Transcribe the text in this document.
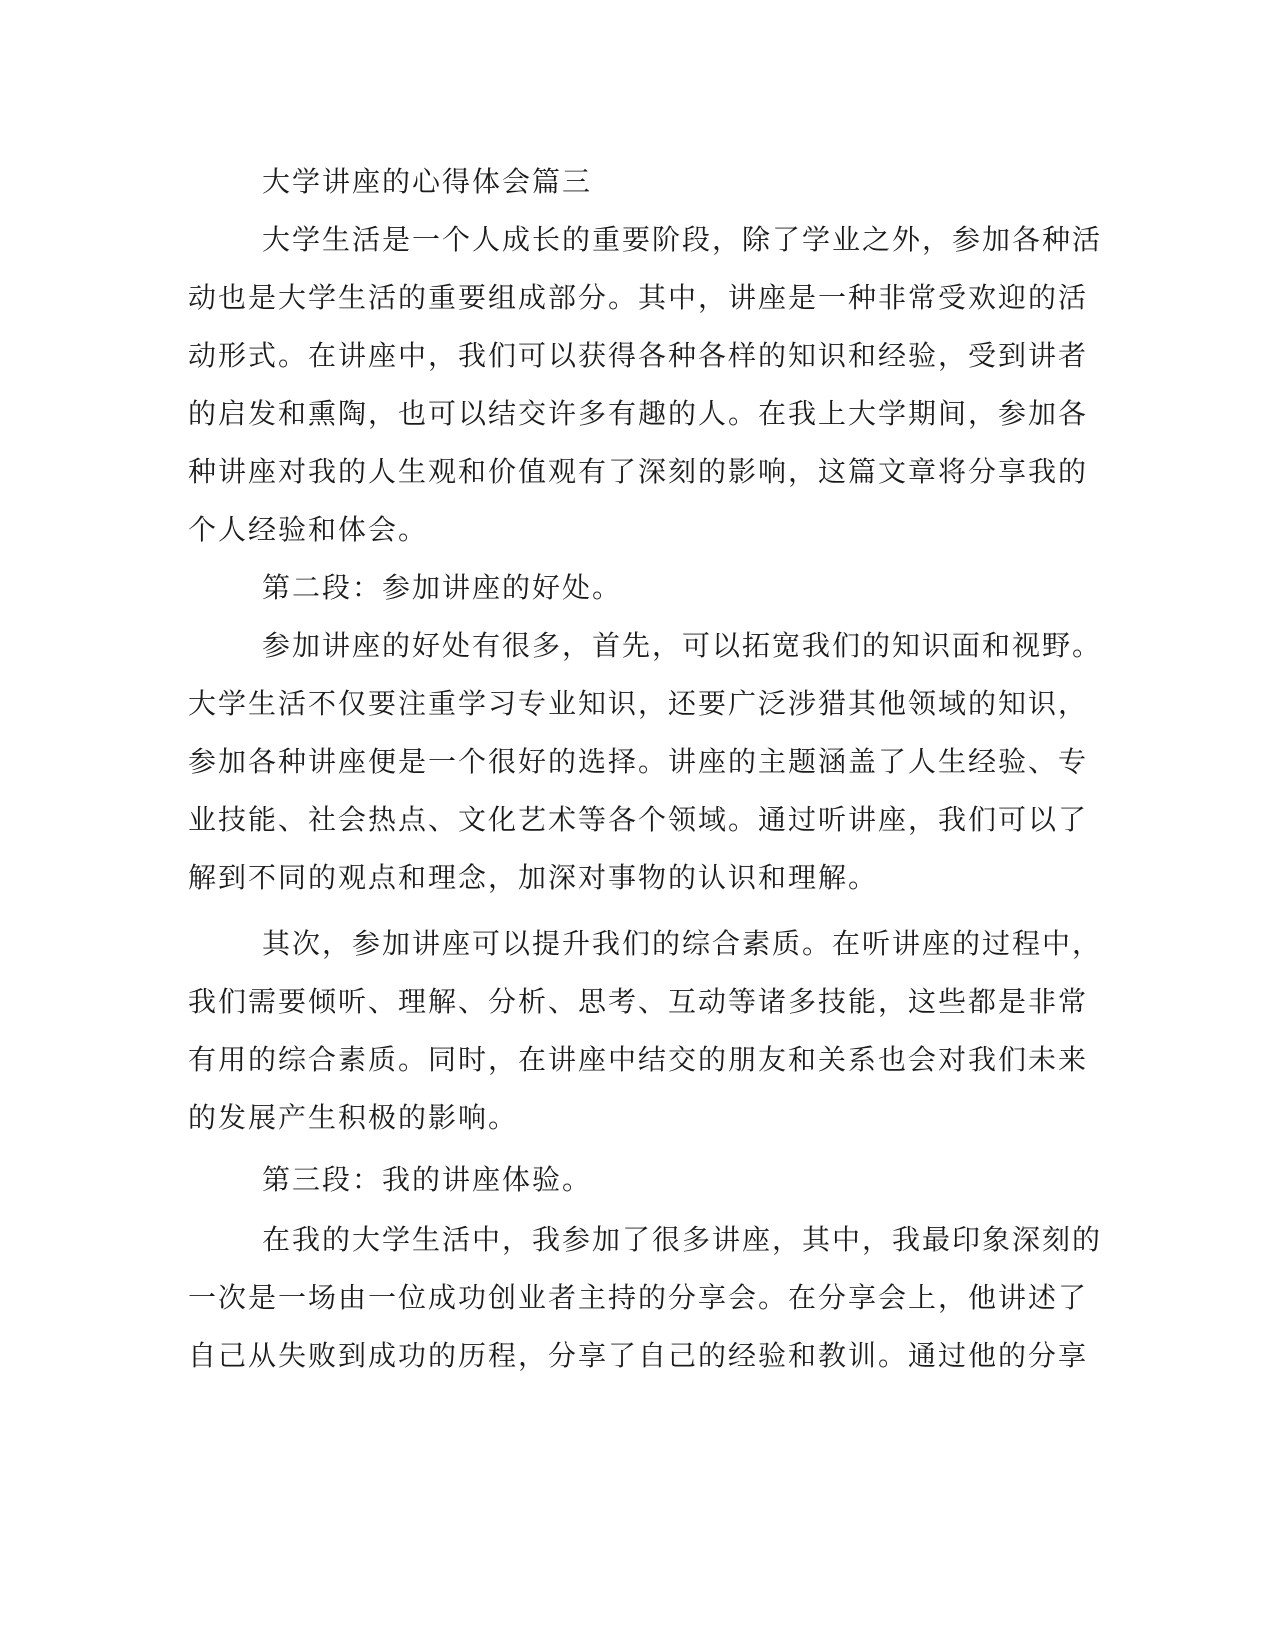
大学讲座的心得体会篇三
大学生活是一个人成长的重要阶段，除了学业之外，参加各种活
动也是大学生活的重要组成部分。其中，讲座是一种非常受欢迎的活
动形式。在讲座中，我们可以获得各种各样的知识和经验，受到讲者
的启发和熏陶，也可以结交许多有趣的人。在我上大学期间，参加各
种讲座对我的人生观和价值观有了深刻的影响，这篇文章将分享我的
个人经验和体会。
第二段：参加讲座的好处。
参加讲座的好处有很多，首先，可以拓宽我们的知识面和视野。
大学生活不仅要注重学习专业知识，还要广泛涉猎其他领域的知识，
参加各种讲座便是一个很好的选择。讲座的主题涵盖了人生经验、专
业技能、社会热点、文化艺术等各个领域。通过听讲座，我们可以了
解到不同的观点和理念，加深对事物的认识和理解。
其次，参加讲座可以提升我们的综合素质。在听讲座的过程中，
我们需要倾听、理解、分析、思考、互动等诸多技能，这些都是非常
有用的综合素质。同时，在讲座中结交的朋友和关系也会对我们未来
的发展产生积极的影响。
第三段：我的讲座体验。
在我的大学生活中，我参加了很多讲座，其中，我最印象深刻的
一次是一场由一位成功创业者主持的分享会。在分享会上，他讲述了
自己从失败到成功的历程，分享了自己的经验和教训。通过他的分享
